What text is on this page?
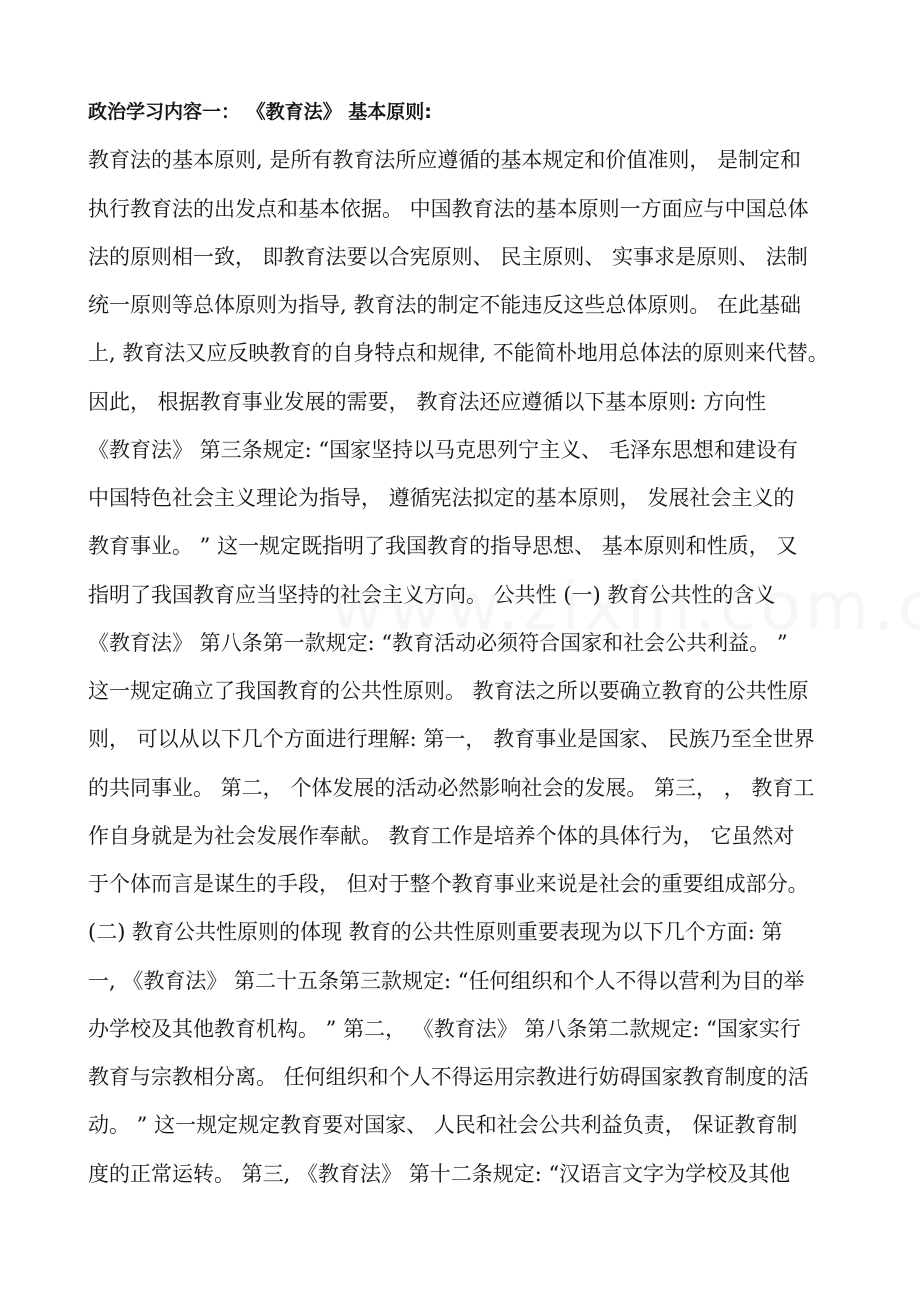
政治学习内容一： 《教育法》 基本原则:
教育法的基本原则, 是所有教育法所应遵循的基本规定和价值准则， 是制定和
执行教育法的出发点和基本依据。 中国教育法的基本原则一方面应与中国总体
法的原则相一致， 即教育法要以合宪原则、 民主原则、 实事求是原则、 法制
统一原则等总体原则为指导, 教育法的制定不能违反这些总体原则。 在此基础
上, 教育法又应反映教育的自身特点和规律, 不能简朴地用总体法的原则来代替。
因此， 根据教育事业发展的需要， 教育法还应遵循以下基本原则: 方向性
《教育法》 第三条规定: “国家坚持以马克思列宁主义、 毛泽东思想和建设有
中国特色社会主义理论为指导， 遵循宪法拟定的基本原则， 发展社会主义的
教育事业。 ” 这一规定既指明了我国教育的指导思想、 基本原则和性质， 又
指明了我国教育应当坚持的社会主义方向。 公共性 (一) 教育公共性的含义
《教育法》 第八条第一款规定: “教育活动必须符合国家和社会公共利益。 ”
这一规定确立了我国教育的公共性原则。 教育法之所以要确立教育的公共性原
则， 可以从以下几个方面进行理解: 第一， 教育事业是国家、 民族乃至全世界
的共同事业。 第二， 个体发展的活动必然影响社会的发展。 第三， ， 教育工
作自身就是为社会发展作奉献。 教育工作是培养个体的具体行为， 它虽然对
于个体而言是谋生的手段， 但对于整个教育事业来说是社会的重要组成部分。
(二) 教育公共性原则的体现 教育的公共性原则重要表现为以下几个方面: 第
一, 《教育法》 第二十五条第三款规定: “任何组织和个人不得以营利为目的举
办学校及其他教育机构。 ” 第二， 《教育法》 第八条第二款规定: “国家实行
教育与宗教相分离。 任何组织和个人不得运用宗教进行妨碍国家教育制度的活
动。 ” 这一规定规定教育要对国家、 人民和社会公共利益负责， 保证教育制
度的正常运转。 第三, 《教育法》 第十二条规定: “汉语言文字为学校及其他
